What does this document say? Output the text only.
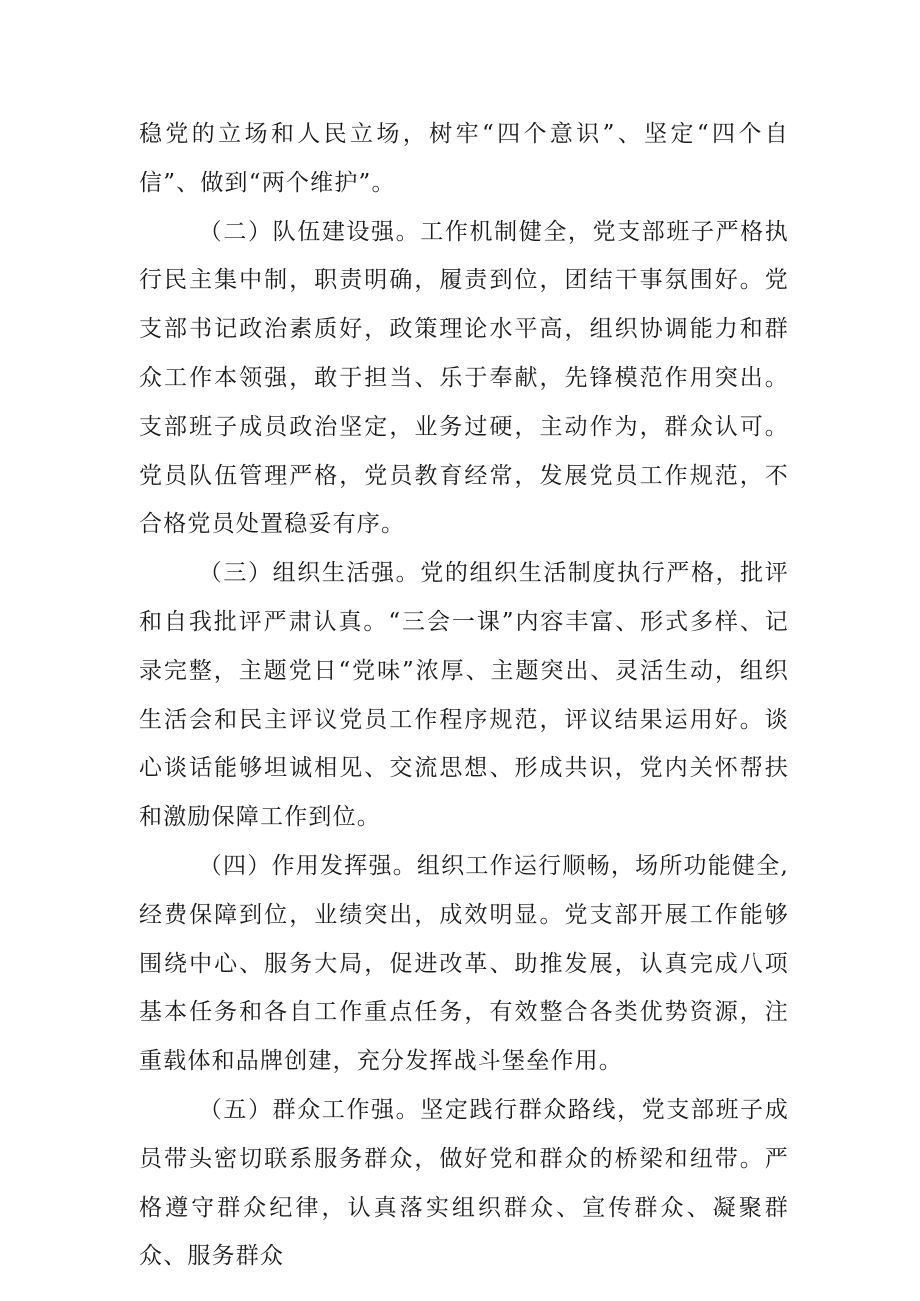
稳党的立场和人民立场，树牢“四个意识”、坚定“四个自信”、做到“两个维护”。

（二）队伍建设强。工作机制健全，党支部班子严格执行民主集中制，职责明确，履责到位，团结干事氛围好。党支部书记政治素质好，政策理论水平高，组织协调能力和群众工作本领强，敢于担当、乐于奉献，先锋模范作用突出。支部班子成员政治坚定，业务过硬，主动作为，群众认可。党员队伍管理严格，党员教育经常，发展党员工作规范，不合格党员处置稳妥有序。

（三）组织生活强。党的组织生活制度执行严格，批评和自我批评严肃认真。“三会一课”内容丰富、形式多样、记录完整，主题党日“党味”浓厚、主题突出、灵活生动，组织生活会和民主评议党员工作程序规范，评议结果运用好。谈心谈话能够坦诚相见、交流思想、形成共识，党内关怀帮扶和激励保障工作到位。

（四）作用发挥强。组织工作运行顺畅，场所功能健全,经费保障到位，业绩突出，成效明显。党支部开展工作能够围绕中心、服务大局，促进改革、助推发展，认真完成八项基本任务和各自工作重点任务，有效整合各类优势资源，注重载体和品牌创建，充分发挥战斗堡垒作用。

（五）群众工作强。坚定践行群众路线，党支部班子成员带头密切联系服务群众，做好党和群众的桥梁和纽带。严格遵守群众纪律，认真落实组织群众、宣传群众、凝聚群众、服务群众
